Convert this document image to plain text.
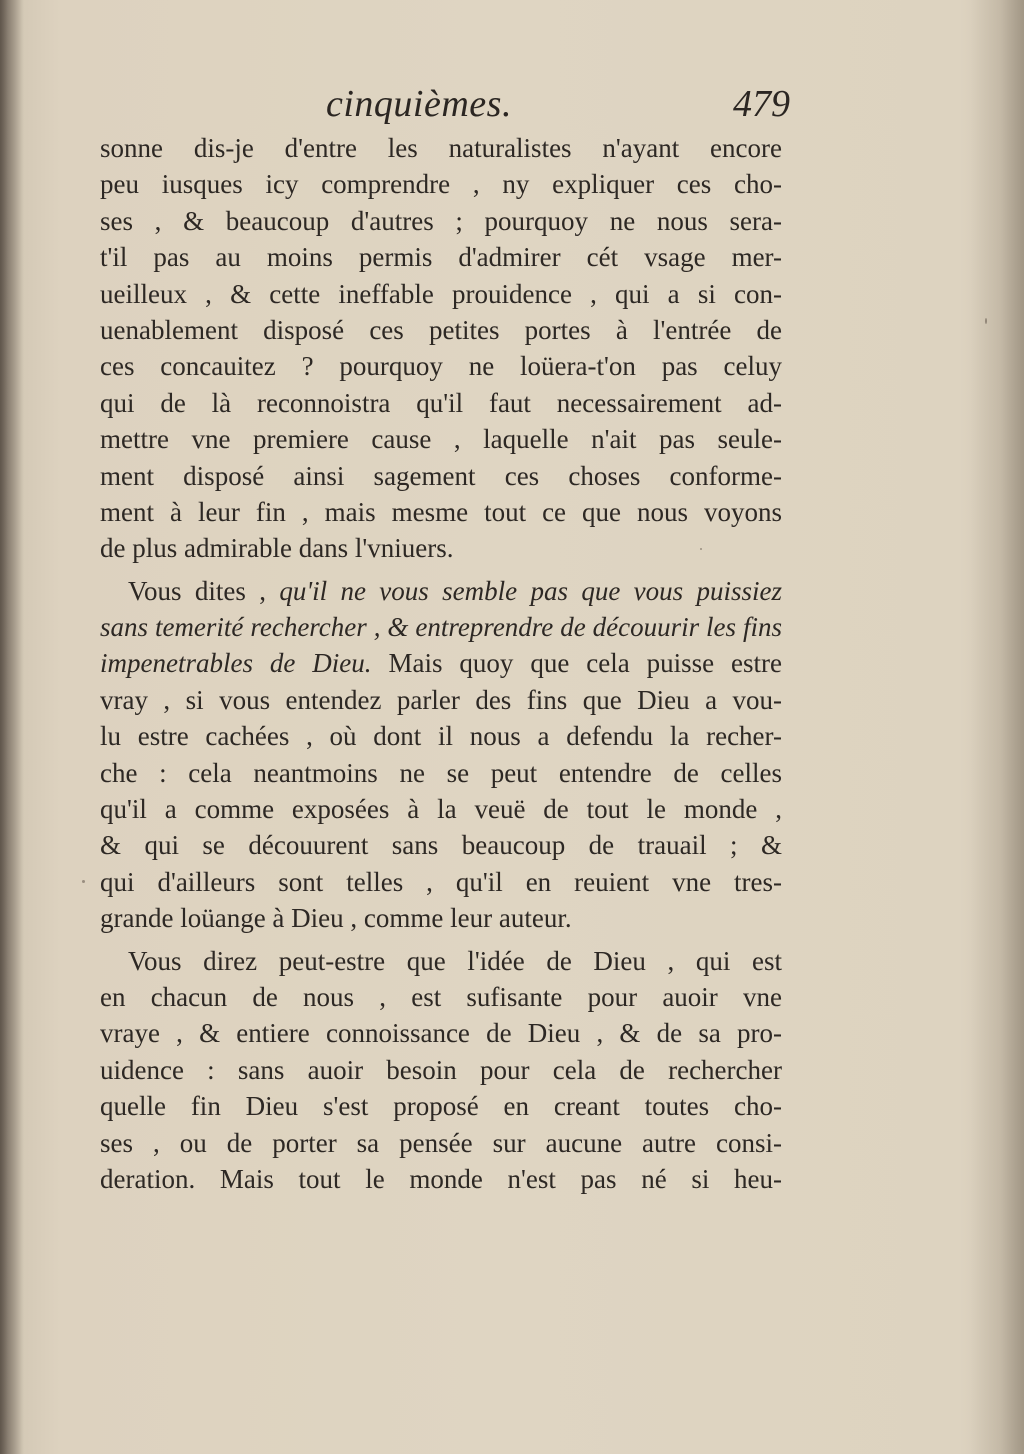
cinquièmes.	479
sonne dis-je d'entre les naturalistes n'ayant encore
peu iusques icy comprendre , ny expliquer ces cho-
ses , & beaucoup d'autres ; pourquoy ne nous sera-
t'il pas au moins permis d'admirer cét vsage mer-
ueilleux , & cette ineffable prouidence , qui a si con-
uenablement disposé ces petites portes à l'entrée de
ces concauitez ? pourquoy ne loüera-t'on pas celuy
qui de là reconnoistra qu'il faut necessairement ad-
mettre vne premiere cause , laquelle n'ait pas seule-
ment disposé ainsi sagement ces choses conforme-
ment à leur fin , mais mesme tout ce que nous voyons
de plus admirable dans l'vniuers.
Vous dites , qu'il ne vous semble pas que vous puissiez
sans temerité rechercher , & entreprendre de découurir les fins
impenetrables de Dieu. Mais quoy que cela puisse estre
vray , si vous entendez parler des fins que Dieu a vou-
lu estre cachées , où dont il nous a defendu la recher-
che : cela neantmoins ne se peut entendre de celles
qu'il a comme exposées à la veuë de tout le monde ,
& qui se découurent sans beaucoup de trauail ; &
qui d'ailleurs sont telles , qu'il en reuient vne tres-
grande loüange à Dieu , comme leur auteur.
Vous direz peut-estre que l'idée de Dieu , qui est
en chacun de nous , est sufisante pour auoir vne
vraye , & entiere connoissance de Dieu , & de sa pro-
uidence : sans auoir besoin pour cela de rechercher
quelle fin Dieu s'est proposé en creant toutes cho-
ses , ou de porter sa pensée sur aucune autre consi-
deration. Mais tout le monde n'est pas né si heu-
